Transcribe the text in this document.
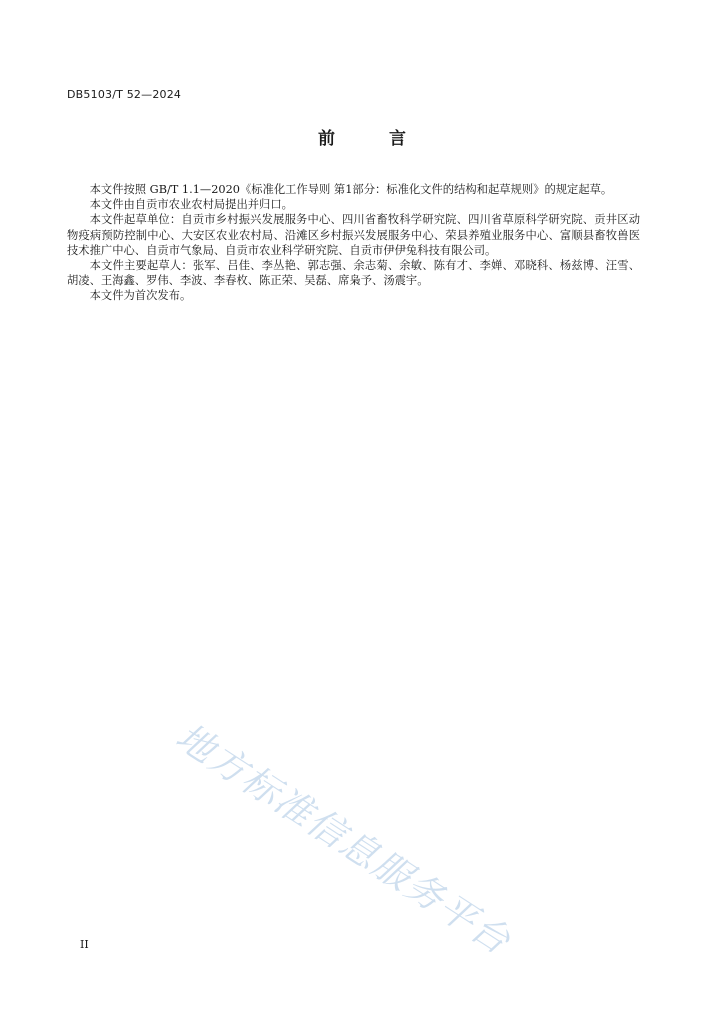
DB5103/T 52—2024
前	言

本文件按照 GB/T 1.1—2020《标准化工作导则 第1部分：标准化文件的结构和起草规则》的规定起草。

本文件由自贡市农业农村局提出并归口。

本文件起草单位：自贡市乡村振兴发展服务中心、四川省畜牧科学研究院、四川省草原科学研究院、贡井区动物疫病预防控制中心、大安区农业农村局、沿滩区乡村振兴发展服务中心、荣县养殖业服务中心、富顺县畜牧兽医技术推广中心、自贡市气象局、自贡市农业科学研究院、自贡市伊伊兔科技有限公司。

本文件主要起草人：张军、吕佳、李丛艳、郭志强、余志菊、余敏、陈有才、李婵、邓晓科、杨兹博、汪雪、胡凌、王海鑫、罗伟、李波、李春枚、陈正荣、吴磊、席枭予、汤震宇。

本文件为首次发布。

地方标准信息服务平台
II
